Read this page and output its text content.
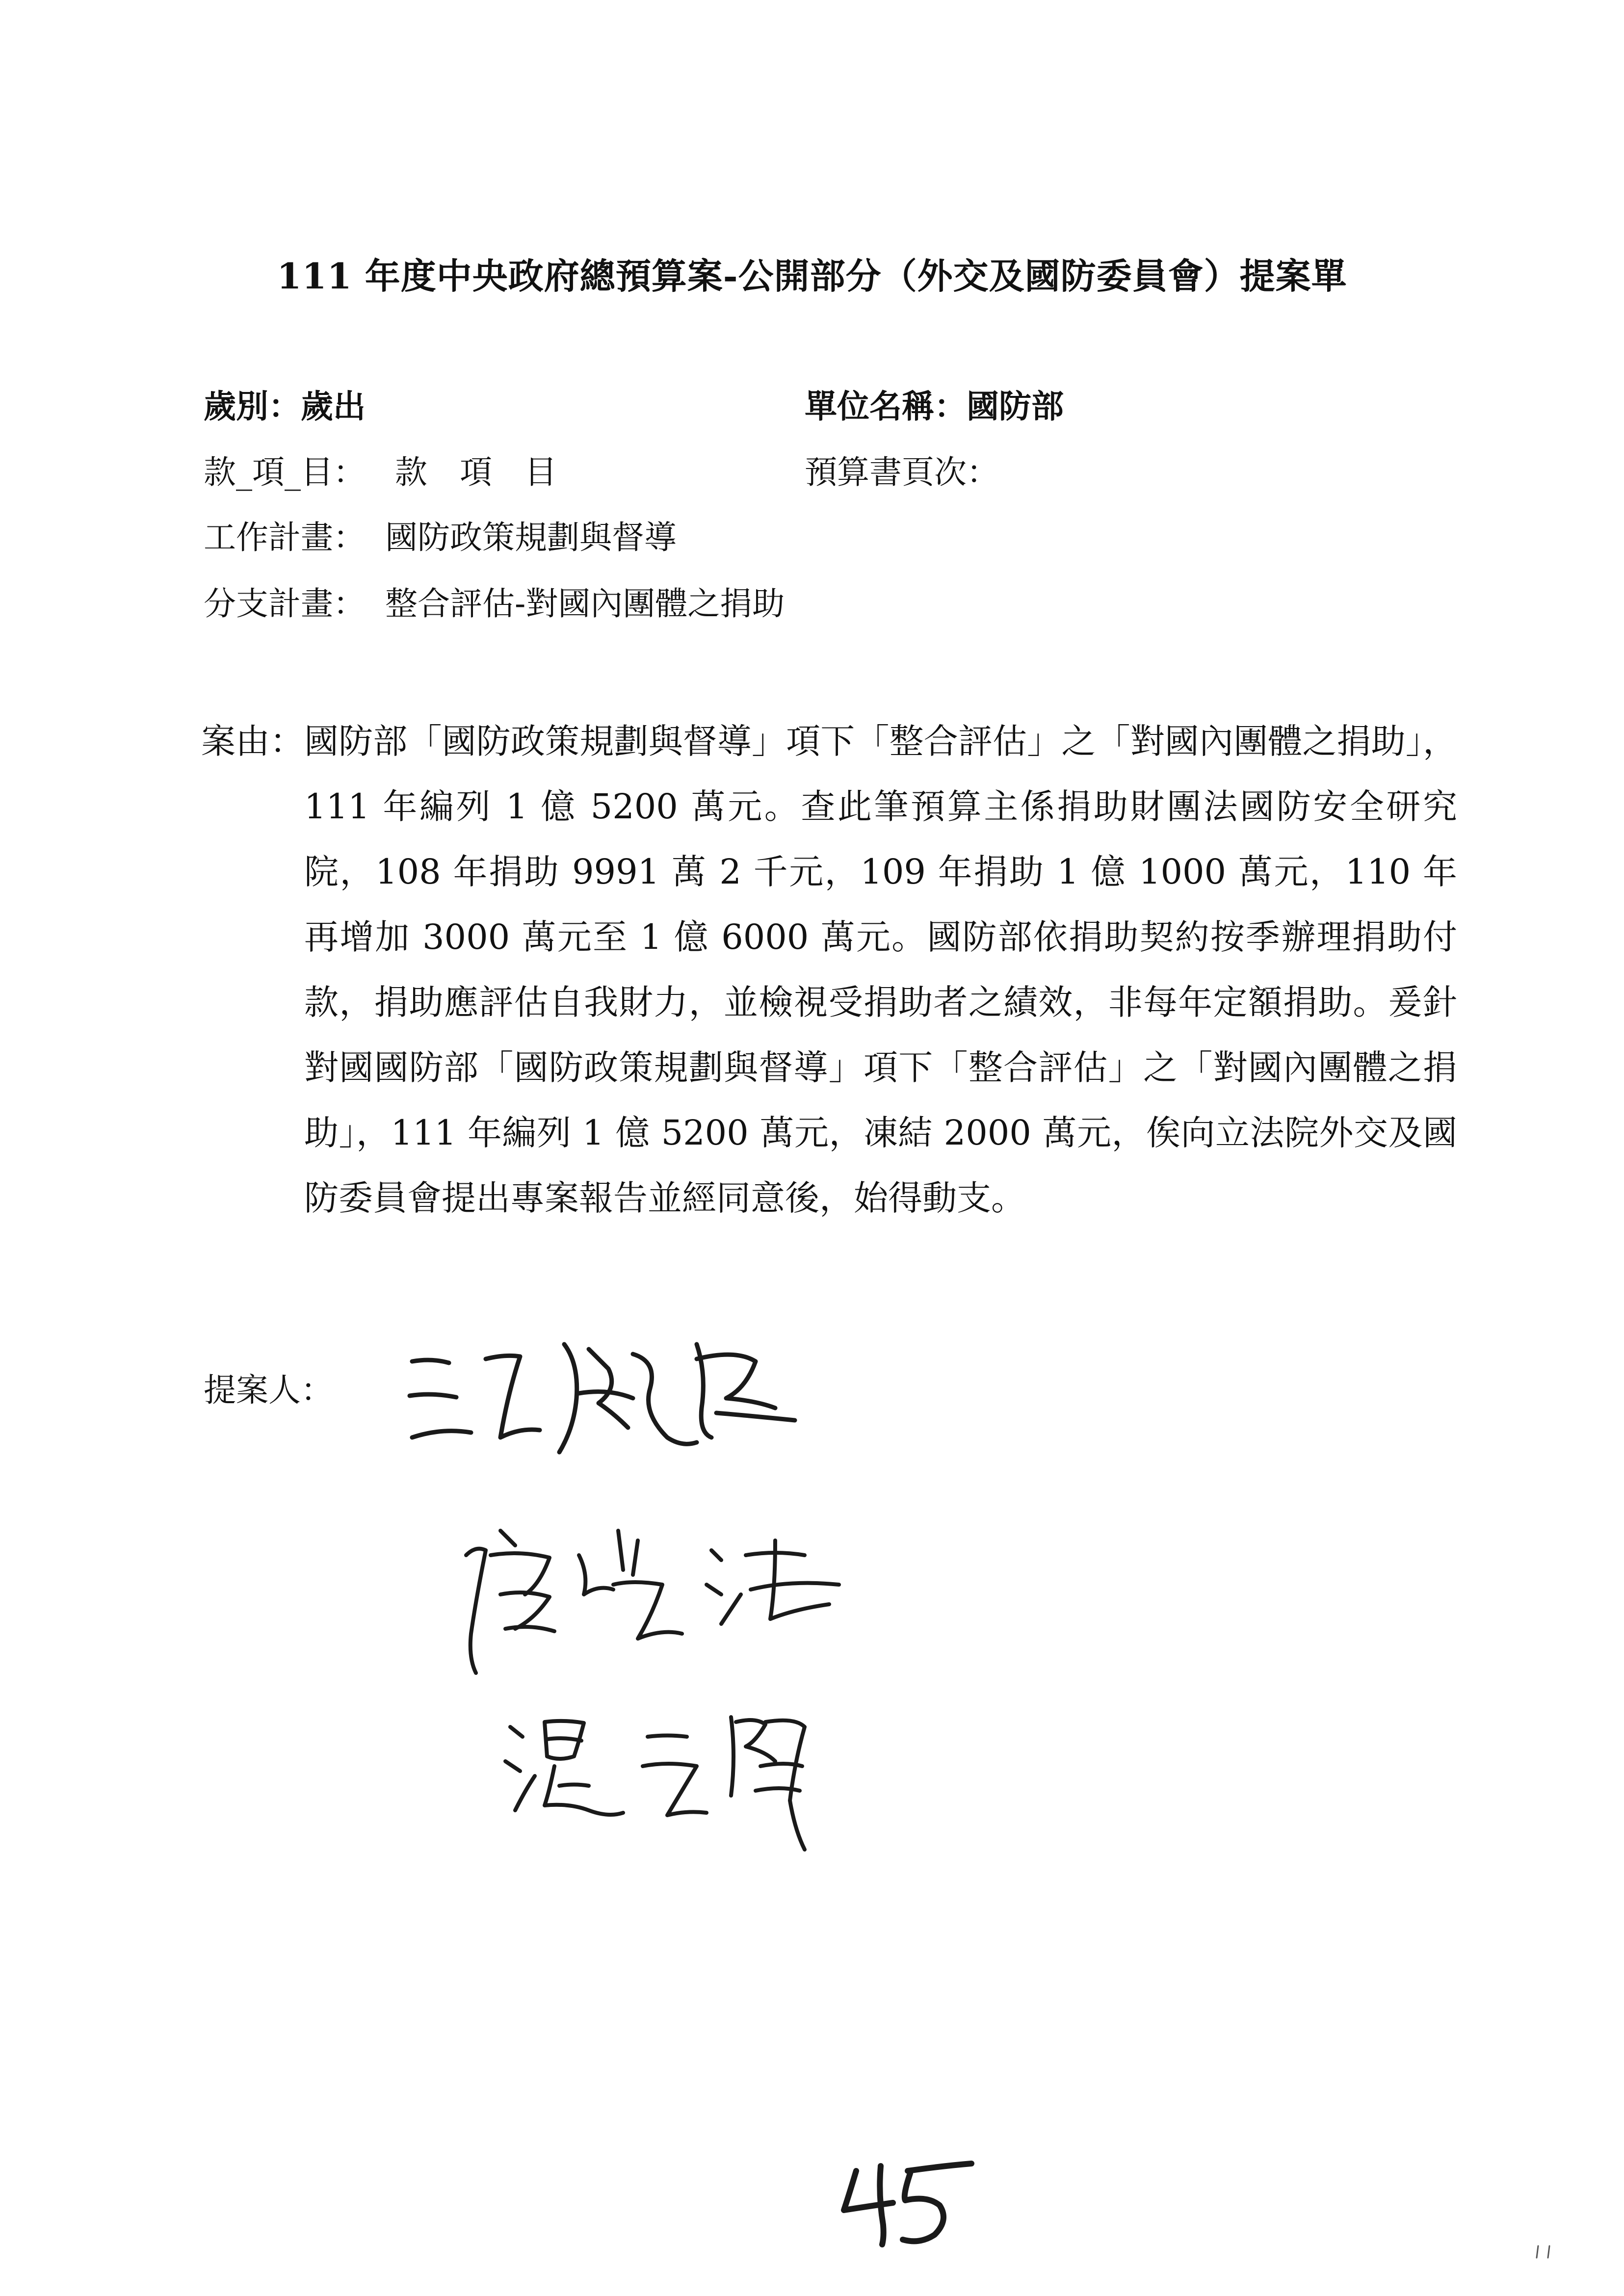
111 年度中央政府總預算案-公開部分（外交及國防委員會）提案單
歲別：歲出	單位名稱：國防部
款_項_目： 款　項　目	預算書頁次：
工作計畫： 國防政策規劃與督導
分支計畫： 整合評估-對國內團體之捐助
案由： 國防部「國防政策規劃與督導」項下「整合評估」之「對國內團體之捐助」，111 年編列 1 億 5200 萬元。查此筆預算主係捐助財團法國防安全研究院，108 年捐助 9991 萬 2 千元，109 年捐助 1 億 1000 萬元，110 年再增加 3000 萬元至 1 億 6000 萬元。國防部依捐助契約按季辦理捐助付款，捐助應評估自我財力，並檢視受捐助者之績效，非每年定額捐助。爰針對國國防部「國防政策規劃與督導」項下「整合評估」之「對國內團體之捐助」，111 年編列 1 億 5200 萬元，凍結 2000 萬元，俟向立法院外交及國防委員會提出專案報告並經同意後，始得動支。
提案人：
